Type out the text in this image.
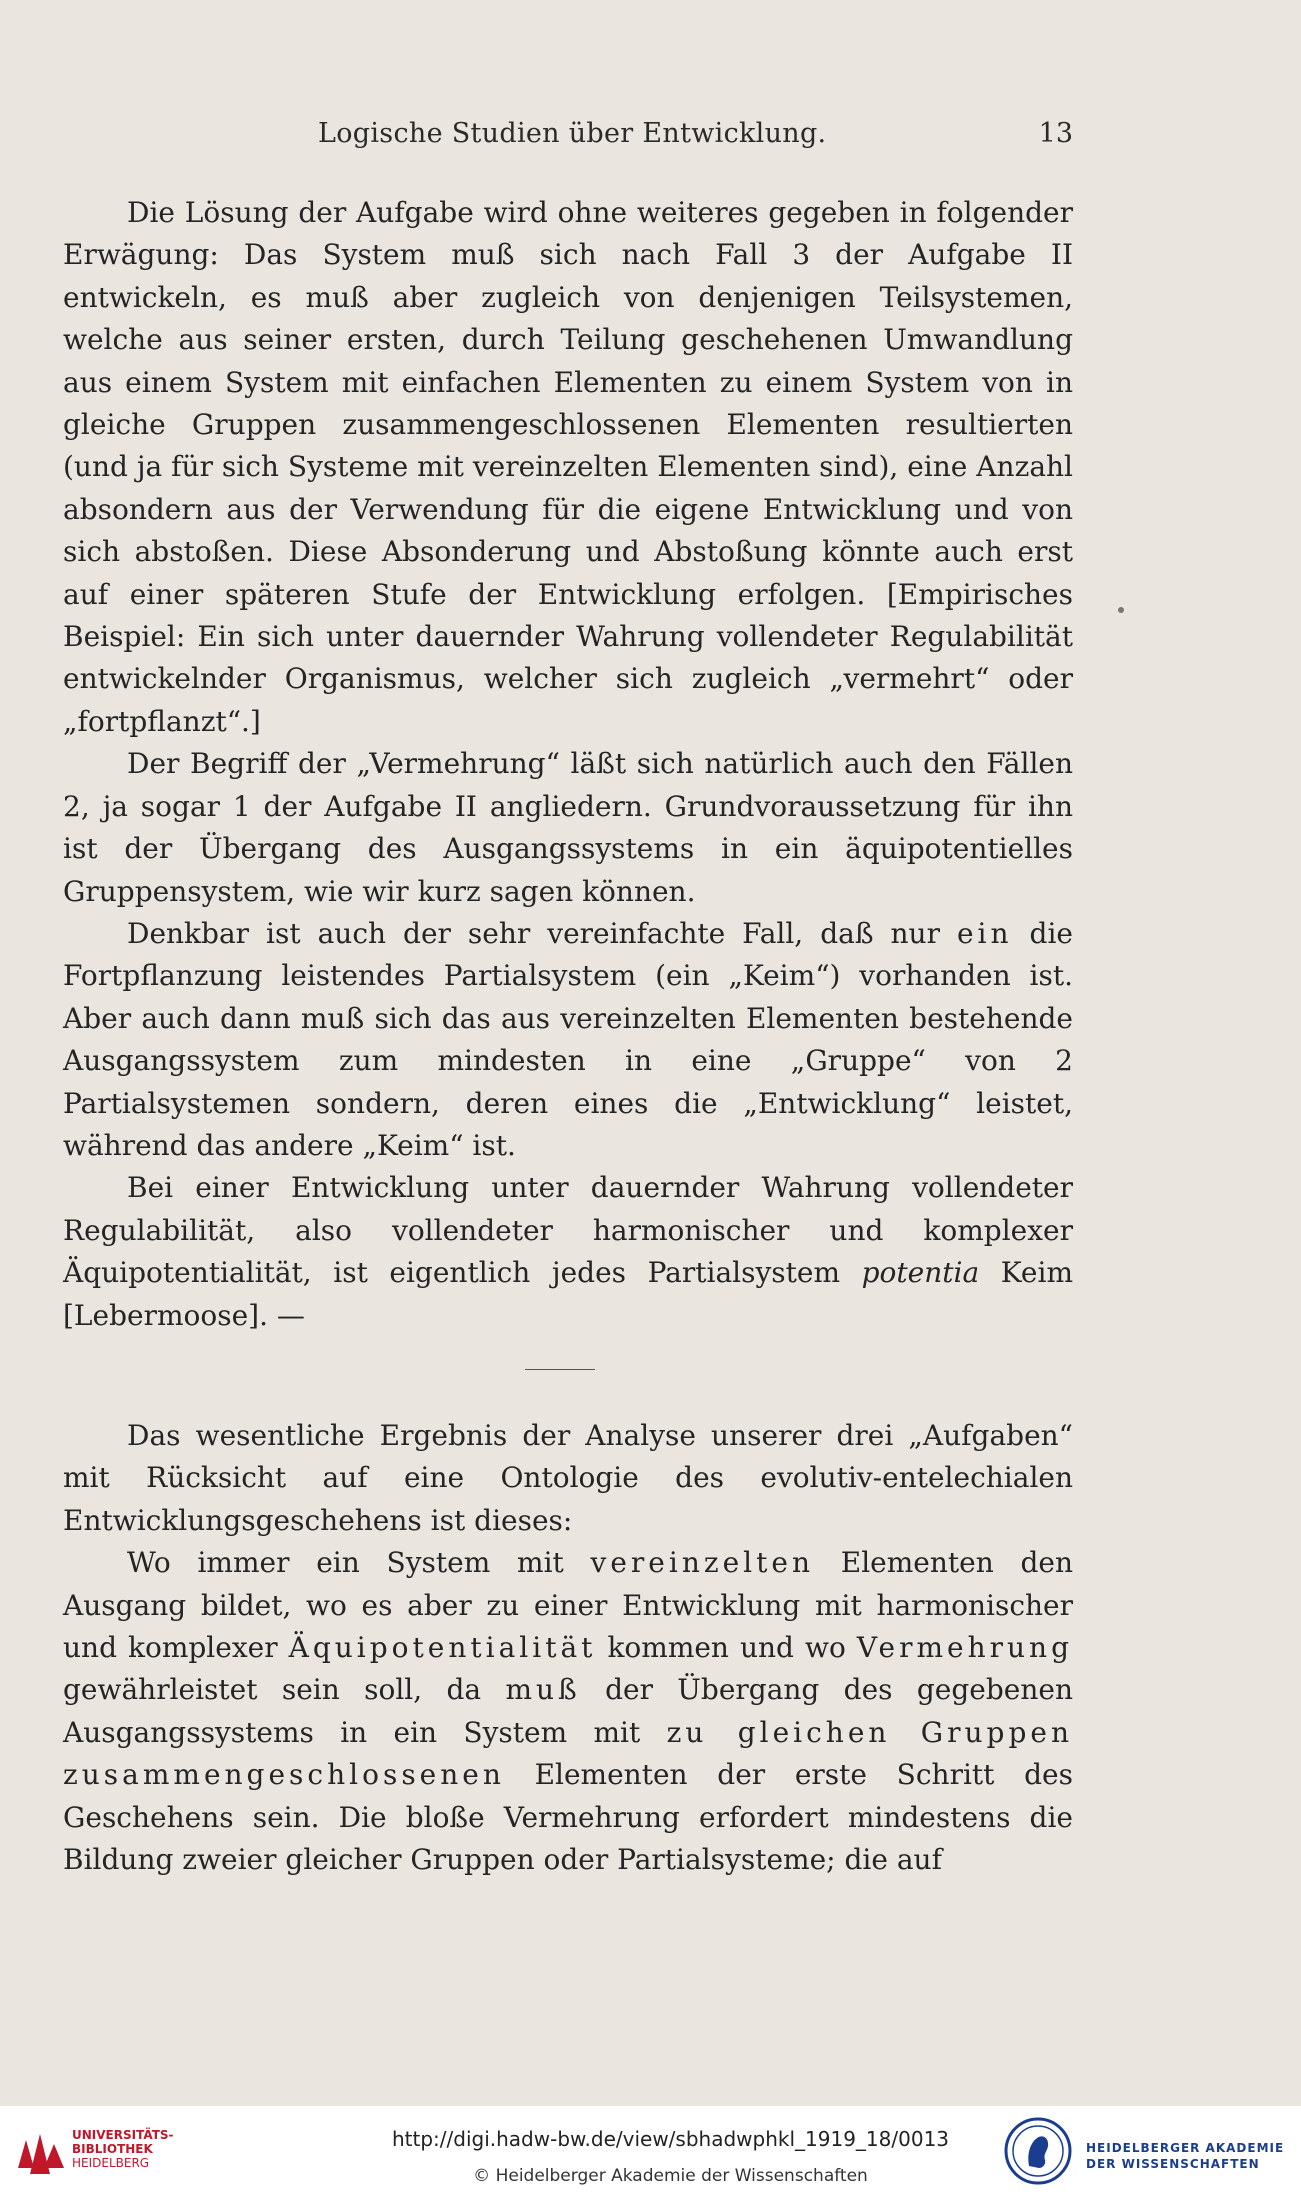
Logische Studien über Entwicklung.	13

Die Lösung der Aufgabe wird ohne weiteres gegeben in folgender Erwägung: Das System muß sich nach Fall 3 der Aufgabe II entwickeln, es muß aber zugleich von denjenigen Teilsystemen, welche aus seiner ersten, durch Teilung geschehenen Umwandlung aus einem System mit einfachen Elementen zu einem System von in gleiche Gruppen zusammengeschlossenen Elementen resultierten (und ja für sich Systeme mit vereinzelten Elementen sind), eine Anzahl absondern aus der Verwendung für die eigene Entwicklung und von sich abstoßen. Diese Absonderung und Abstoßung könnte auch erst auf einer späteren Stufe der Entwicklung erfolgen. [Empirisches Beispiel: Ein sich unter dauernder Wahrung vollendeter Regulabilität entwickelnder Organismus, welcher sich zugleich „vermehrt“ oder „fortpflanzt“.]

Der Begriff der „Vermehrung“ läßt sich natürlich auch den Fällen 2, ja sogar 1 der Aufgabe II angliedern. Grundvoraussetzung für ihn ist der Übergang des Ausgangssystems in ein äquipotentielles Gruppensystem, wie wir kurz sagen können.

Denkbar ist auch der sehr vereinfachte Fall, daß nur ein die Fortpflanzung leistendes Partialsystem (ein „Keim“) vorhanden ist. Aber auch dann muß sich das aus vereinzelten Elementen bestehende Ausgangssystem zum mindesten in eine „Gruppe“ von 2 Partialsystemen sondern, deren eines die „Entwicklung“ leistet, während das andere „Keim“ ist.

Bei einer Entwicklung unter dauernder Wahrung vollendeter Regulabilität, also vollendeter harmonischer und komplexer Äquipotentialität, ist eigentlich jedes Partialsystem potentia Keim [Lebermoose]. —

Das wesentliche Ergebnis der Analyse unserer drei „Aufgaben“ mit Rücksicht auf eine Ontologie des evolutiv-entelechialen Entwicklungsgeschehens ist dieses:

Wo immer ein System mit vereinzelten Elementen den Ausgang bildet, wo es aber zu einer Entwicklung mit harmonischer und komplexer Äquipotentialität kommen und wo Vermehrung gewährleistet sein soll, da muß der Übergang des gegebenen Ausgangssystems in ein System mit zu gleichen Gruppen zusammengeschlossenen Elementen der erste Schritt des Geschehens sein. Die bloße Vermehrung erfordert mindestens die Bildung zweier gleicher Gruppen oder Partialsysteme; die auf

UNIVERSITÄTS-
BIBLIOTHEK
HEIDELBERG
http://digi.hadw-bw.de/view/sbhadwphkl_1919_18/0013
© Heidelberger Akademie der Wissenschaften
HEIDELBERGER AKADEMIE
DER WISSENSCHAFTEN
